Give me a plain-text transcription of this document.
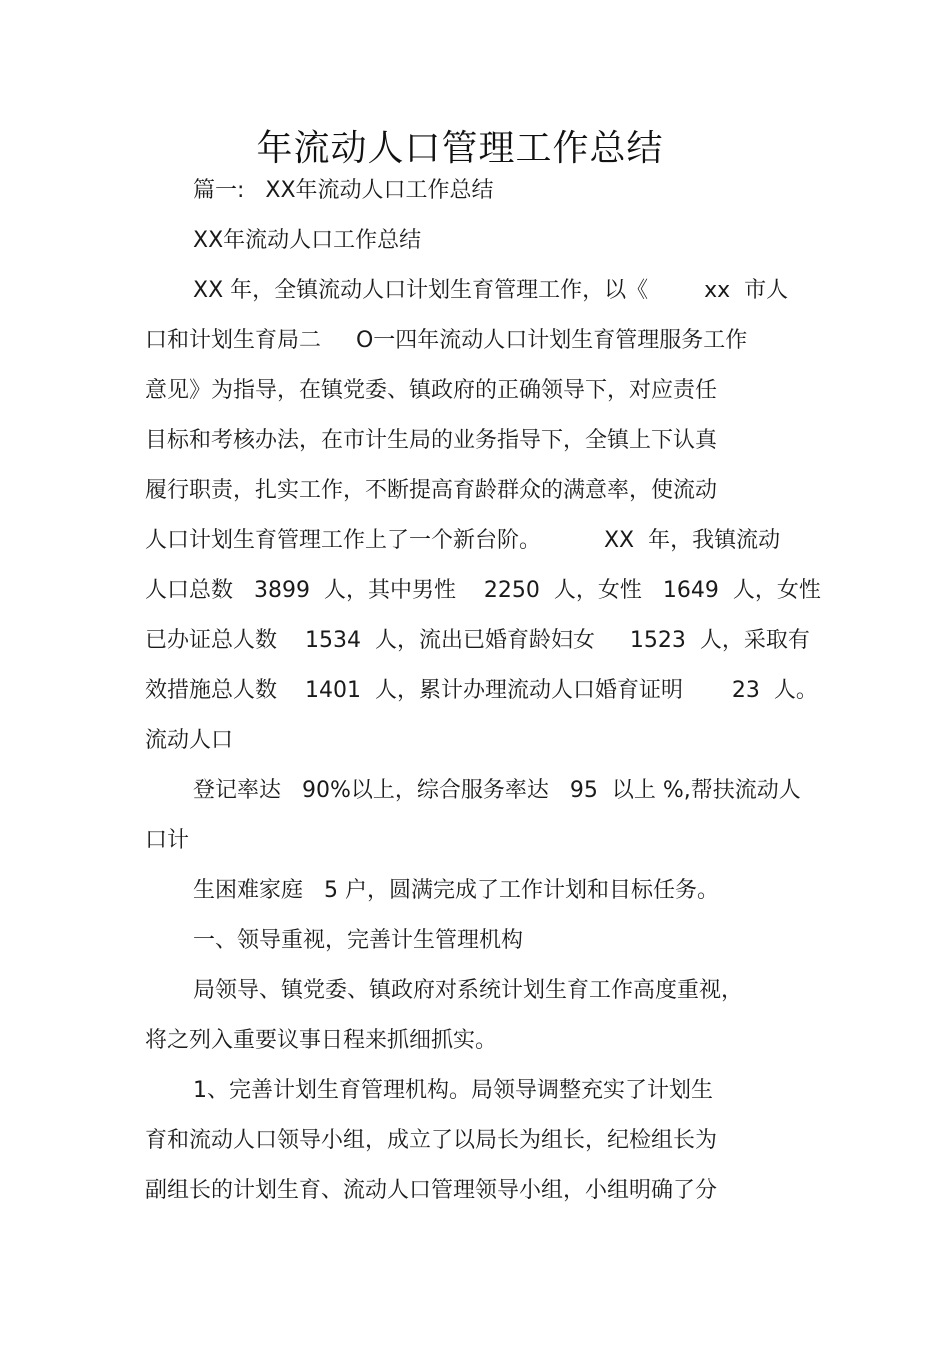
年流动人口管理工作总结
篇一:   XX年流动人口工作总结
XX年流动人口工作总结
XX 年，全镇流动人口计划生育管理工作，以《        xx  市人
口和计划生育局二     O一四年流动人口计划生育管理服务工作
意见》为指导，在镇党委、镇政府的正确领导下，对应责任
目标和考核办法，在市计生局的业务指导下，全镇上下认真
履行职责，扎实工作，不断提高育龄群众的满意率，使流动
人口计划生育管理工作上了一个新台阶。         XX  年，我镇流动
人口总数   3899  人，其中男性    2250  人，女性   1649  人，女性
已办证总人数    1534  人，流出已婚育龄妇女     1523  人，采取有
效措施总人数    1401  人，累计办理流动人口婚育证明       23  人。
流动人口
登记率达   90%以上，综合服务率达   95  以上 %,帮扶流动人
口计
生困难家庭   5 户，圆满完成了工作计划和目标任务。
一、领导重视，完善计生管理机构
局领导、镇党委、镇政府对系统计划生育工作高度重视，
将之列入重要议事日程来抓细抓实。
1、完善计划生育管理机构。局领导调整充实了计划生
育和流动人口领导小组，成立了以局长为组长，纪检组长为
副组长的计划生育、流动人口管理领导小组，小组明确了分
